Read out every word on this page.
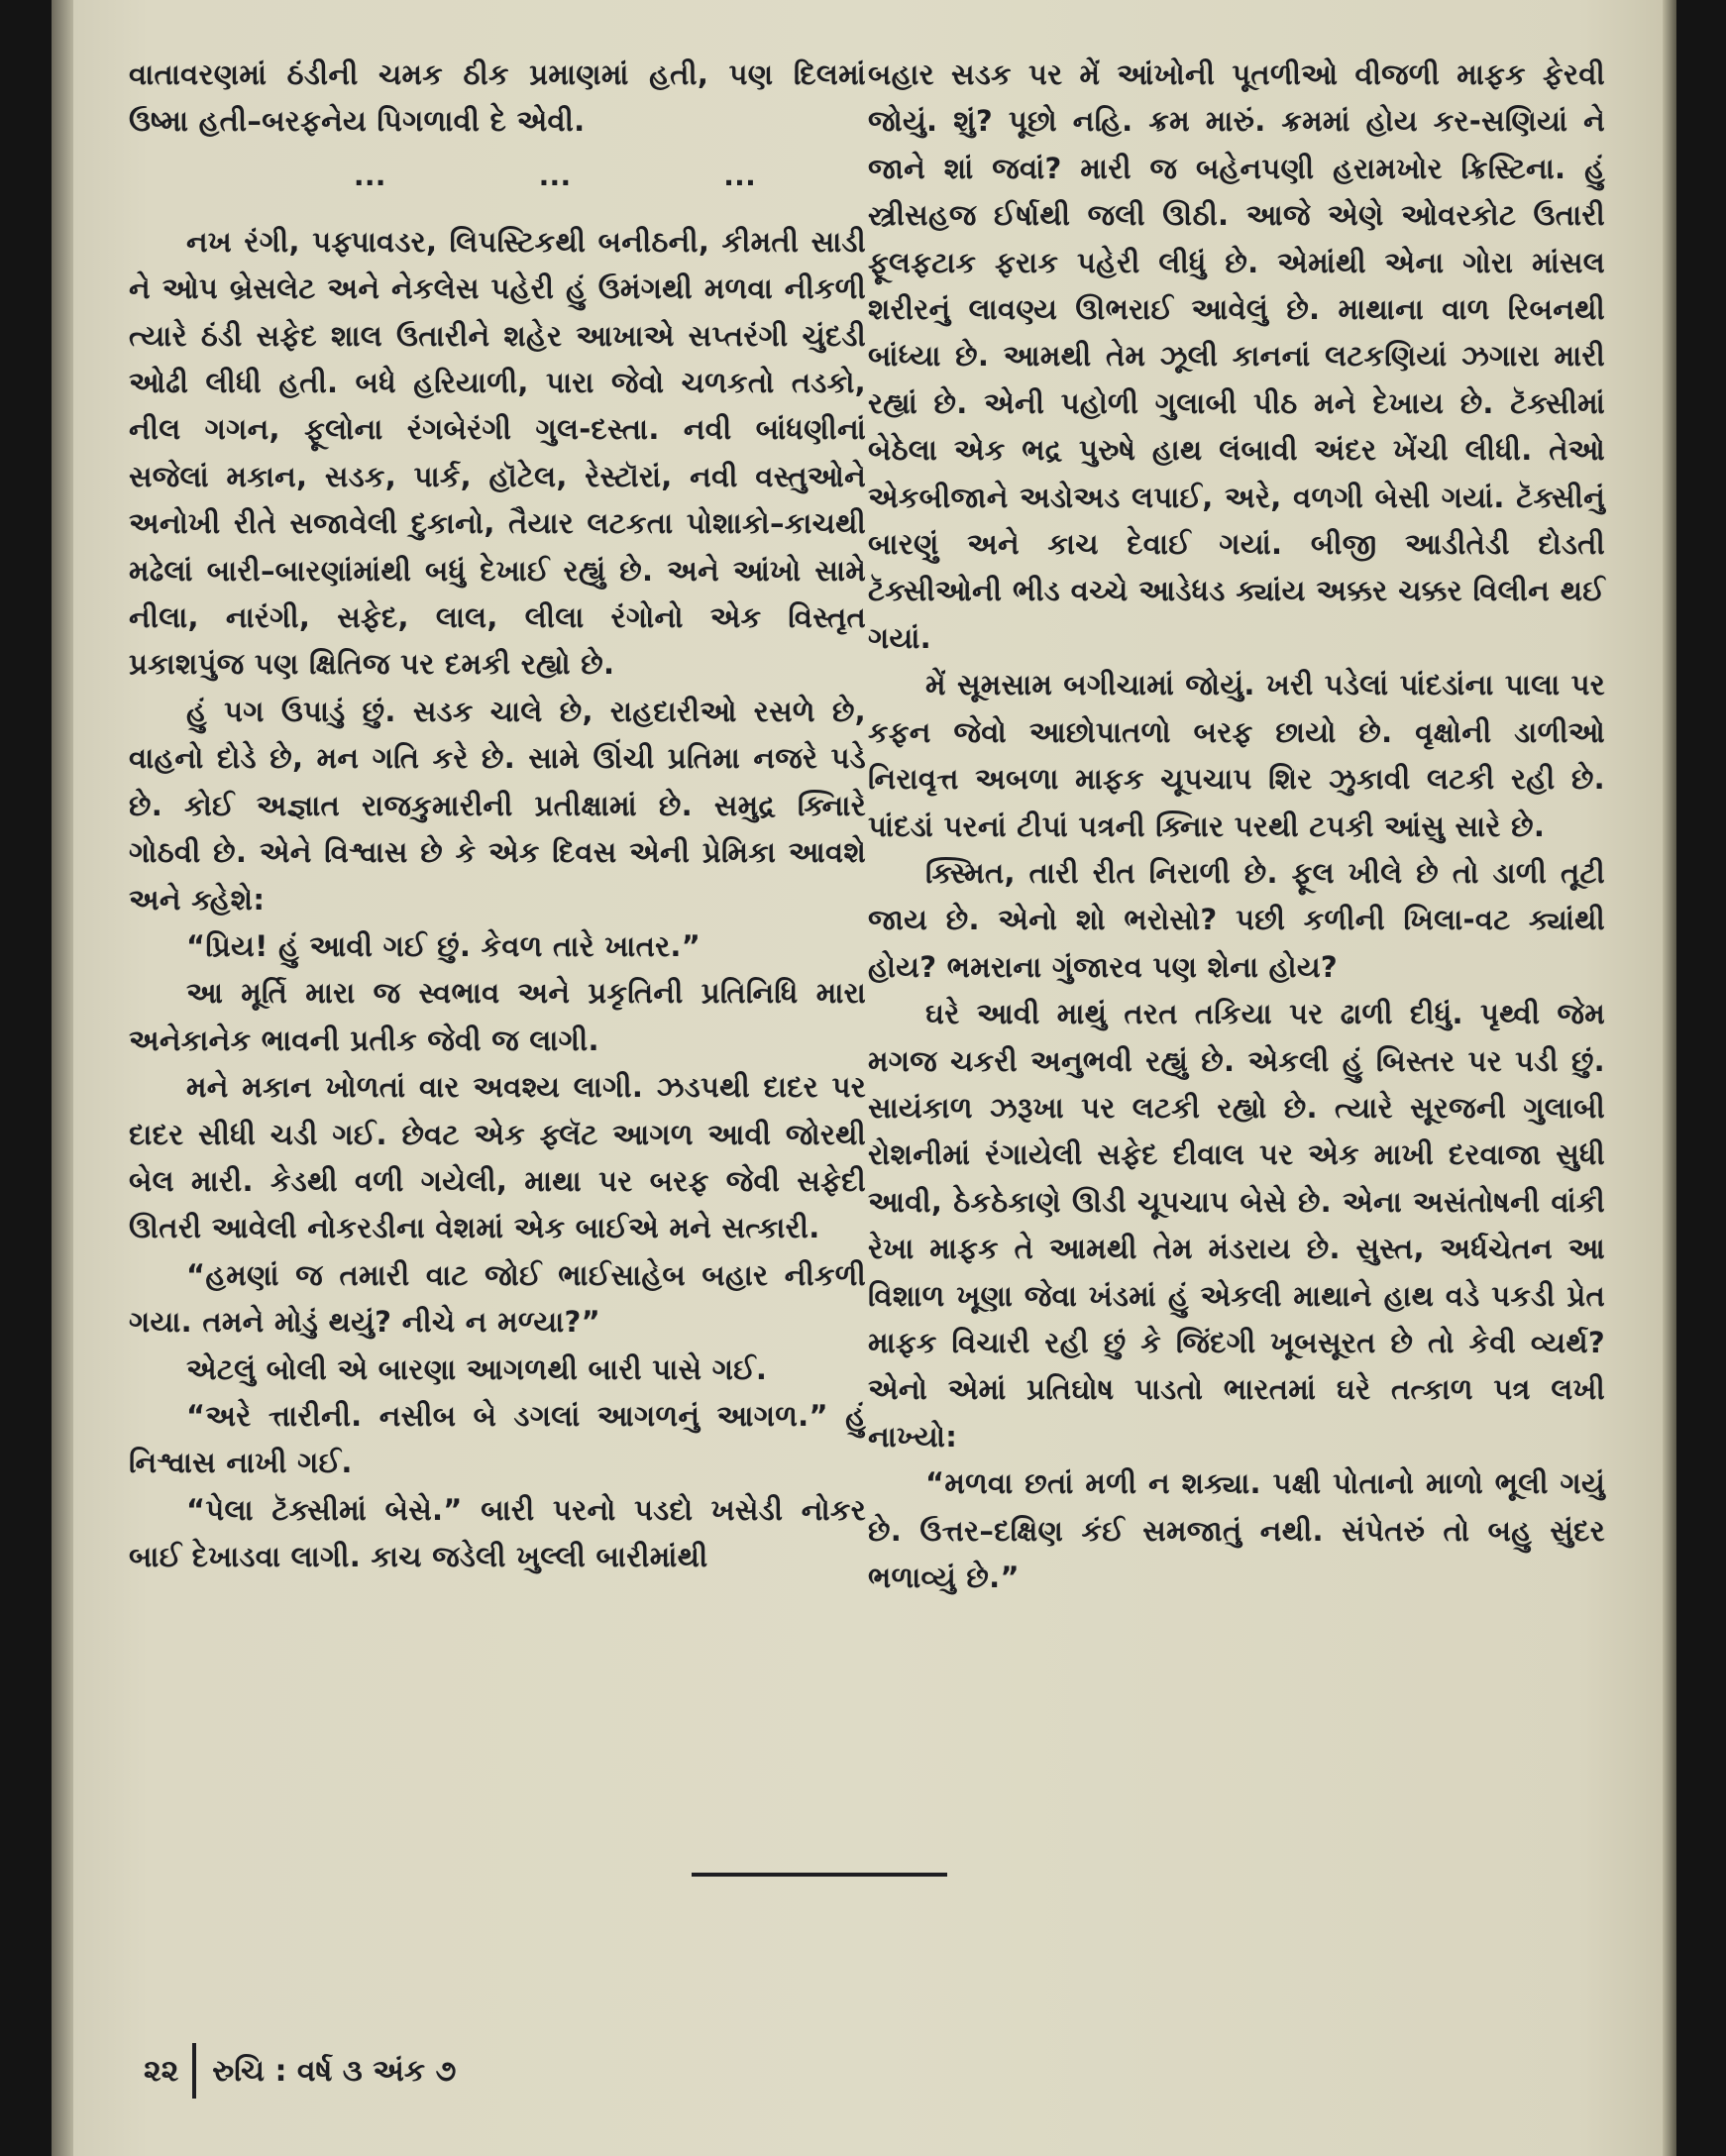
વાતાવરણમાં ઠંડીની ચમક ઠીક પ્રમાણમાં હતી, પણ દિલમાં ઉષ્મા હતી–બરફનેય પિગળાવી દે એવી.

...	...	...

નખ રંગી, પફ્પાવડર, લિપસ્ટિકથી બનીઠની, કીમતી સાડી ને ઓપ બ્રેસલેટ અને નેકલેસ પહેરી હું ઉમંગથી મળવા નીકળી ત્યારે ઠંડી સફેદ શાલ ઉતારીને શહેર આખાએ સપ્તરંગી ચુંદડી ઓઢી લીધી હતી. બધે હરિયાળી, પારા જેવો ચળકતો તડકો, નીલ ગગન, ફૂલોના રંગબેરંગી ગુલ-દસ્તા. નવી બાંધણીનાં સજેલાં મકાન, સડક, પાર્ક, હૉટેલ, રેસ્ટૉરાં, નવી વસ્તુઓને અનોખી રીતે સજાવેલી દુકાનો, તૈયાર લટકતા પોશાકો–કાચથી મઢેલાં બારી–બારણાંમાંથી બધું દેખાઈ રહ્યું છે. અને આંખો સામે નીલા, નારંગી, સફેદ, લાલ, લીલા રંગોનો એક વિસ્તૃત પ્રકાશપુંજ પણ ક્ષિતિજ પર દમકી રહ્યો છે.

હું પગ ઉપાડું છું. સડક ચાલે છે, રાહદારીઓ રસળે છે, વાહનો દોડે છે, મન ગતિ કરે છે. સામે ઊંચી પ્રતિમા નજરે પડે છે. કોઈ અજ્ઞાત રાજકુમારીની પ્રતીક્ષામાં છે. સમુદ્ર ક્નિારે ગોઠવી છે. એને વિશ્વાસ છે કે એક દિવસ એની પ્રેમિકા આવશે અને ક્હેશે:

“પ્રિય! હું આવી ગઈ છું. કેવળ તારે ખાતર.”

આ મૂર્તિ મારા જ સ્વભાવ અને પ્રકૃતિની પ્રતિનિધિ મારા અનેકાનેક ભાવની પ્રતીક જેવી જ લાગી.

મને મકાન ખોળતાં વાર અવશ્ય લાગી. ઝડપથી દાદર પર દાદર સીધી ચડી ગઈ. છેવટ એક ફ્લૅટ આગળ આવી જોરથી બેલ મારી. કેડથી વળી ગયેલી, માથા પર બરફ જેવી સફેદી ઊતરી આવેલી નોકરડીના વેશમાં એક બાઈએ મને સત્કારી.

“હમણાં જ તમારી વાટ જોઈ ભાઈસાહેબ બહાર નીકળી ગયા. તમને મોડું થયું? નીચે ન મળ્યા?”

એટલું બોલી એ બારણા આગળથી બારી પાસે ગઈ.

“અરે ત્તારીની. નસીબ બે ડગલાં આગળનું આગળ.” હું નિશ્વાસ નાખી ગઈ.

“પેલા ટૅક્સીમાં બેસે.” બારી પરનો પડદો ખસેડી નોકર બાઈ દેખાડવા લાગી. કાચ જડેલી ખુલ્લી બારીમાંથી

બહાર સડક પર મેં આંખોની પૂતળીઓ વીજળી માફક ફેરવી જોયું. શું? પૂછો નહિ. ક્રમ મારું. ક્રમમાં હોય કર-સણિયાં ને જાને શાં જવાં? મારી જ બહેનપણી હરામખોર ક્રિસ્ટિના. હું સ્ત્રીસહજ ઈર્ષાથી જલી ઊઠી. આજે એણે ઓવરકોટ ઉતારી ફૂલફટાક ફરાક પહેરી લીધું છે. એમાંથી એના ગોરા માંસલ શરીરનું લાવણ્ય ઊભરાઈ આવેલું છે. માથાના વાળ રિબનથી બાંધ્યા છે. આમથી તેમ ઝૂલી કાનનાં લટકણિયાં ઝગારા મારી રહ્યાં છે. એની પહોળી ગુલાબી પીઠ મને દેખાય છે. ટૅક્સીમાં બેઠેલા એક ભદ્ર પુરુષે હાથ લંબાવી અંદર ખેંચી લીધી. તેઓ એકબીજાને અડોઅડ લપાઈ, અરે, વળગી બેસી ગયાં. ટૅક્સીનું બારણું અને કાચ દેવાઈ ગયાં. બીજી આડીતેડી દોડતી ટૅક્સીઓની ભીડ વચ્ચે આડેધડ ક્યાંય અક્કર ચક્કર વિલીન થઈ ગયાં.

મેં સૂમસામ બગીચામાં જોયું. ખરી પડેલાં પાંદડાંના પાલા પર કફન જેવો આછોપાતળો બરફ છાયો છે. વૃક્ષોની ડાળીઓ નિરાવૃત્ત અબળા માફક ચૂપચાપ શિર ઝુકાવી લટકી રહી છે. પાંદડાં પરનાં ટીપાં પત્રની ક્નિાર પરથી ટપકી આંસુ સારે છે.

ક્સ્મિત, તારી રીત નિરાળી છે. ફૂલ ખીલે છે તો ડાળી તૂટી જાય છે. એનો શો ભરોસો? પછી કળીની ખિલા-વટ ક્યાંથી હોય? ભમરાના ગુંજારવ પણ શેના હોય?

ઘરે આવી માથું તરત તકિયા પર ઢાળી દીધું. પૃથ્વી જેમ મગજ ચકરી અનુભવી રહ્યું છે. એકલી હું બિસ્તર પર પડી છું. સાયંકાળ ઝરૂખા પર લટકી રહ્યો છે. ત્યારે સૂરજની ગુલાબી રોશનીમાં રંગાયેલી સફેદ દીવાલ પર એક માખી દરવાજા સુધી આવી, ઠેકઠેકાણે ઊડી ચૂપચાપ બેસે છે. એના અસંતોષની વાંકી રેખા માફક તે આમથી તેમ મંડરાય છે. સુસ્ત, અર્ધચેતન આ વિશાળ ખૂણા જેવા ખંડમાં હું એકલી માથાને હાથ વડે પકડી પ્રેત માફક વિચારી રહી છું કે જિંદગી ખૂબસૂરત છે તો કેવી વ્યર્થ? એનો એમાં પ્રતિઘોષ પાડતો ભારતમાં ઘરે તત્કાળ પત્ર લખી નાખ્યો:

“મળવા છતાં મળી ન શક્યા. પક્ષી પોતાનો માળો ભૂલી ગયું છે. ઉત્તર–દક્ષિણ કંઈ સમજાતું નથી. સંપેતરું તો બહુ સુંદર ભળાવ્યું છે.”

૨૨ રુચિ : વર્ષ ૩ અંક ૭
